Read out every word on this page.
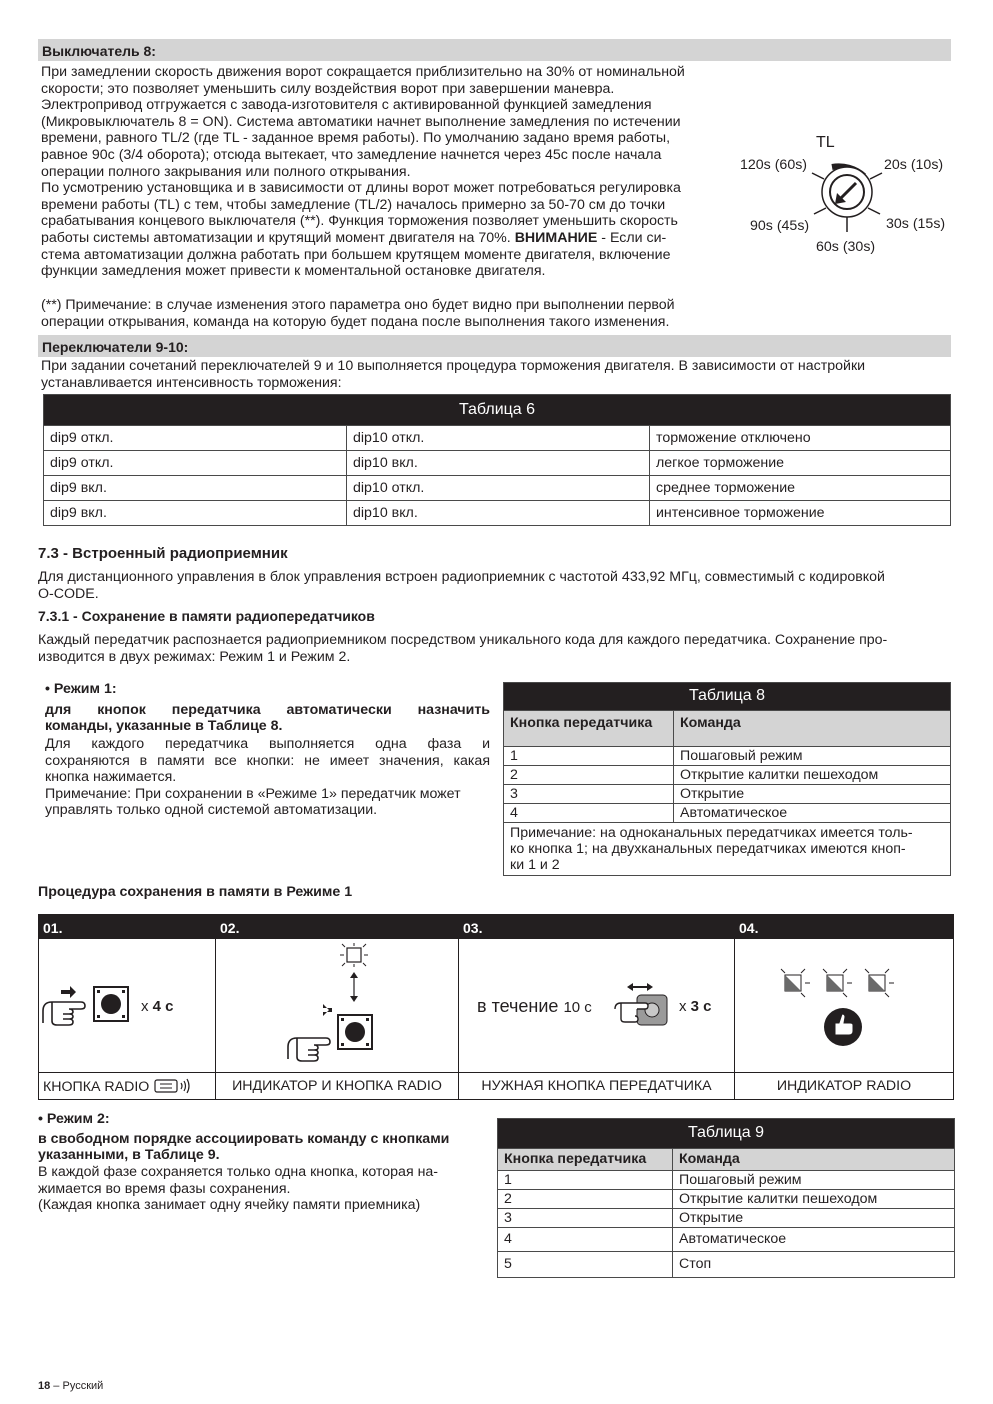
Выключатель 8:

При замедлении скорость движения ворот сокращается приблизительно на 30% от номинальной

скорости; это позволяет уменьшить силу воздействия ворот при завершении маневра.

Электропривод отгружается с завода-изготовителя с активированной функцией замедления

(Микровыключатель 8 = ON). Система автоматики начнет выполнение замедления по истечении

времени, равного TL/2 (где TL - заданное время работы). По умолчанию задано время работы,

равное 90с (3/4 оборота); отсюда вытекает, что замедление начнется через 45с после начала

операции полного закрывания или полного открывания.

По усмотрению установщика и в зависимости от длины ворот может потребоваться регулировка

времени работы (TL) с тем, чтобы замедление (TL/2) началось примерно за 50-70 см до точки

срабатывания концевого выключателя (**). Функция торможения позволяет уменьшить скорость

работы системы автоматизации и крутящий момент двигателя на 70%. ВНИМАНИЕ - Если си-

стема автоматизации должна работать при большем крутящем моменте двигателя, включение

функции замедления может привести к моментальной остановке двигателя.

(**) Примечание: в случае изменения этого параметра оно будет видно при выполнении первой

операции открывания, команда на которую будет подана после выполнения такого изменения.

TL
120s (60s)	20s (10s)
90s (45s)
60s (30s)
30s (15s)
Переключатели 9-10:

При задании сочетаний переключателей 9 и 10 выполняется процедура торможения двигателя. В зависимости от настройки

устанавливается интенсивность торможения:

Таблица 6		
dip9 откл.	dip10 откл.	торможение отключено
dip9 откл.	dip10 вкл.	легкое торможение
dip9 вкл.	dip10 откл.	среднее торможение
dip9 вкл.	dip10 вкл.	интенсивное торможение
7.3 - Встроенный радиоприемник

Для дистанционного управления в блок управления встроен радиоприемник с частотой 433,92 МГц, совместимый с кодировкой

O-CODE.

7.3.1 - Сохранение в памяти радиопередатчиков

Каждый передатчик распознается радиоприемником посредством уникального кода для каждого передатчика. Сохранение про-

изводится в двух режимах: Режим 1 и Режим 2.

• Режим 1:
для кнопок передатчика автоматически назначить
команды, указанные в Таблице 8.

Для каждого передатчика выполняется одна фаза и

сохраняются в памяти все кнопки: не имеет значения, какая

кнопка нажимается.

Примечание: При сохранении в «Режиме 1» передатчик может

управлять только одной системой автоматизации.

Таблица 8	
Кнопка передатчика	Команда
1	Пошаговый режим
2	Открытие калитки пешеходом
3	Открытие
4	Автоматическое

Примечание: на одноканальных передатчиках имеется толь-
ко кнопка 1; на двухканальных передатчиках имеются кноп-
ки 1 и 2	
Процедура сохранения в памяти в Режиме 1
01.
x 4 c
КНОПКА RADIO
02.
ИНДИКАТОР И КНОПКА RADIO
03.
в течение 10 с	x 3 с
НУЖНАЯ КНОПКА ПЕРЕДАТЧИКА
04.
ИНДИКАТОР RADIO
• Режим 2:
в свободном порядке ассоциировать команду с кнопками
указанными, в Таблице 9.

В каждой фазе сохраняется только одна кнопка, которая на-

жимается во время фазы сохранения.

(Каждая кнопка занимает одну ячейку памяти приемника)

Таблица 9	
Кнопка передатчика	Команда
1	Пошаговый режим
2	Открытие калитки пешеходом
3	Открытие
4	Автоматическое
5	Стоп
18 – Русский
